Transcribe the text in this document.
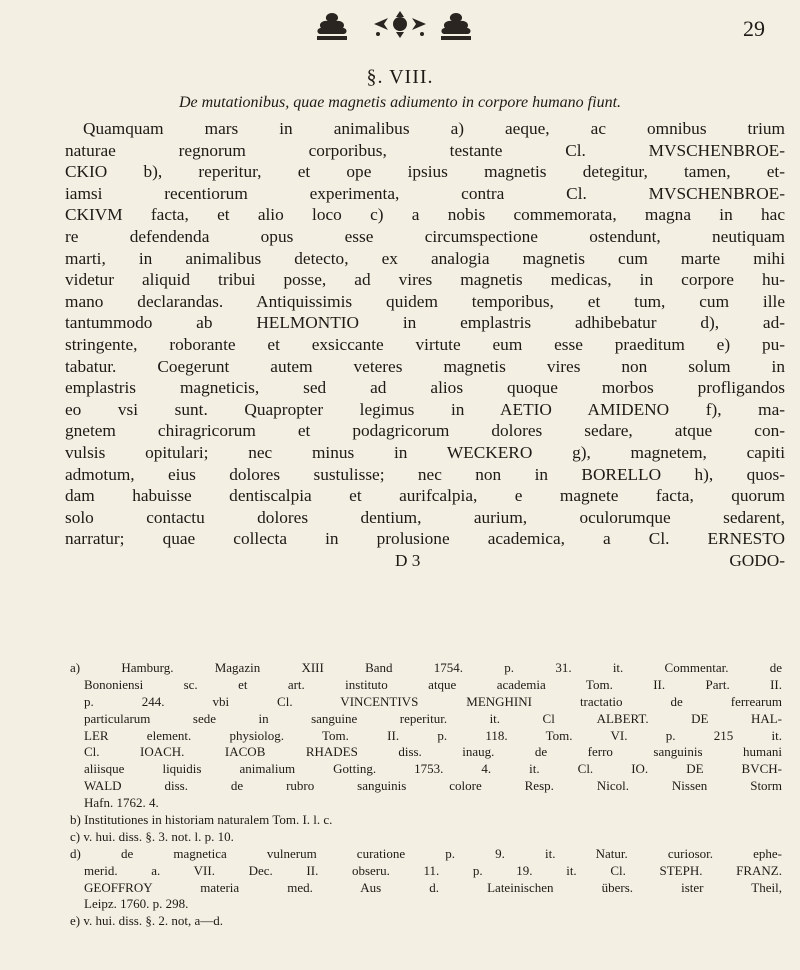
29
§. VIII.
De mutationibus, quae magnetis adiumento in corpore humano fiunt.
Quamquam mars in animalibus a) aeque, ac omnibus trium
naturae regnorum corporibus, testante Cl. MVSCHENBROE-
CKIO b), reperitur, et ope ipsius magnetis detegitur, tamen, et-
iamsi recentiorum experimenta, contra Cl. MVSCHENBROE-
CKIVM facta, et alio loco c) a nobis commemorata, magna in hac
re defendenda opus esse circumspectione ostendunt, neutiquam
marti, in animalibus detecto, ex analogia magnetis cum marte mihi
videtur aliquid tribui posse, ad vires magnetis medicas, in corpore hu-
mano declarandas. Antiquissimis quidem temporibus, et tum, cum ille
tantummodo ab HELMONTIO in emplastris adhibebatur d), ad-
stringente, roborante et exsiccante virtute eum esse praeditum e) pu-
tabatur. Coegerunt autem veteres magnetis vires non solum in
emplastris magneticis, sed ad alios quoque morbos profligandos
eo vsi sunt. Quapropter legimus in AETIO AMIDENO f), ma-
gnetem chiragricorum et podagricorum dolores sedare, atque con-
vulsis opitulari; nec minus in WECKERO g), magnetem, capiti
admotum, eius dolores sustulisse; nec non in BORELLO h), quos-
dam habuisse dentiscalpia et aurifcalpia, e magnete facta, quorum
solo contactu dolores dentium, aurium, oculorumque sedarent,
narratur; quae collecta in prolusione academica, a Cl. ERNESTO
D 3	GODO-
a) Hamburg. Magazin XIII Band 1754. p. 31. it. Commentar. de
Bononiensi sc. et art. instituto atque academia Tom. II. Part. II.
p. 244. vbi Cl. VINCENTIVS MENGHINI tractatio de ferrearum
particularum sede in sanguine reperitur. it. Cl ALBERT. DE HAL-
LER element. physiolog. Tom. II. p. 118. Tom. VI. p. 215 it.
Cl. IOACH. IACOB RHADES diss. inaug. de ferro sanguinis humani
aliisque liquidis animalium Gotting. 1753. 4. it. Cl. IO. DE BVCH-
WALD diss. de rubro sanguinis colore Resp. Nicol. Nissen Storm
Hafn. 1762. 4.
b) Institutiones in historiam naturalem Tom. I. l. c.
c) v. hui. diss. §. 3. not. l. p. 10.
d) de magnetica vulnerum curatione p. 9. it. Natur. curiosor. ephe-
merid. a. VII. Dec. II. obseru. 11. p. 19. it. Cl. STEPH. FRANZ.
GEOFFROY materia med. Aus d. Lateinischen übers. ister Theil,
Leipz. 1760. p. 298.
e) v. hui. diss. §. 2. not, a—d.
